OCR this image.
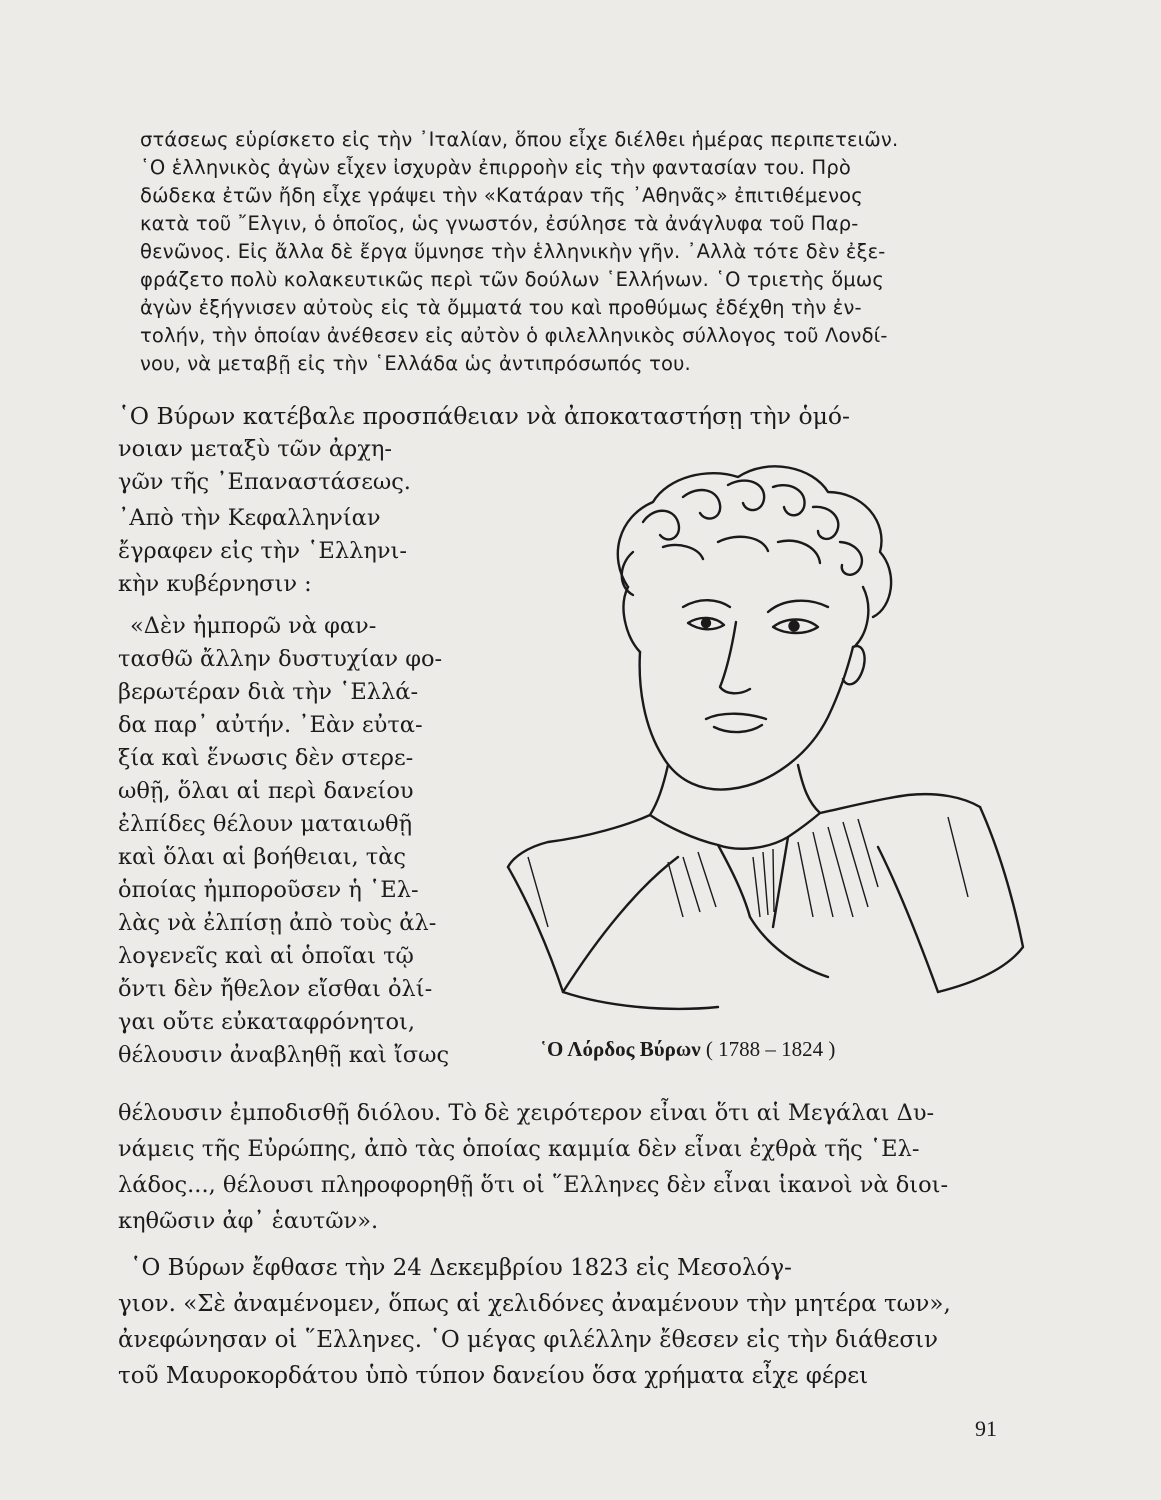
στάσεως εὑρίσκετο εἰς τὴν ᾽Ιταλίαν, ὅπου εἶχε διέλθει ἡμέρας περιπετειῶν.
῾Ο ἑλληνικὸς ἀγὼν εἶχεν ἰσχυρὰν ἐπιρροὴν εἰς τὴν φαντασίαν του. Πρὸ
δώδεκα ἐτῶν ἤδη εἶχε γράψει τὴν «Κατάραν τῆς ᾽Αθηνᾶς» ἐπιτιθέμενος
κατὰ τοῦ ῎Ελγιν, ὁ ὁποῖος, ὡς γνωστόν, ἐσύλησε τὰ ἀνάγλυφα τοῦ Παρ-
θενῶνος. Εἰς ἄλλα δὲ ἔργα ὕμνησε τὴν ἑλληνικὴν γῆν. ᾽Αλλὰ τότε δὲν ἐξε-
φράζετο πολὺ κολακευτικῶς περὶ τῶν δούλων ῾Ελλήνων. ῾Ο τριετὴς ὅμως
ἀγὼν ἐξήγνισεν αὐτοὺς εἰς τὰ ὄμματά του καὶ προθύμως ἐδέχθη τὴν ἐν-
τολήν, τὴν ὁποίαν ἀνέθεσεν εἰς αὐτὸν ὁ φιλελληνικὸς σύλλογος τοῦ Λονδί-
νου, νὰ μεταβῇ εἰς τὴν ῾Ελλάδα ὡς ἀντιπρόσωπός του.
῾Ο Βύρων κατέβαλε προσπάθειαν νὰ ἀποκαταστήσῃ τὴν ὁμό-
νοιαν μεταξὺ τῶν ἀρχη-
γῶν τῆς ᾽Επαναστάσεως.
᾽Απὸ τὴν Κεφαλληνίαν
ἔγραφεν εἰς τὴν ῾Ελληνι-
κὴν κυβέρνησιν :
«Δὲν ἠμπορῶ νὰ φαν-
τασθῶ ἄλλην δυστυχίαν φο-
βερωτέραν διὰ τὴν ῾Ελλά-
δα παρ᾽ αὐτήν. ᾽Εὰν εὐτα-
ξία καὶ ἕνωσις δὲν στερε-
ωθῇ, ὅλαι αἱ περὶ δανείου
ἐλπίδες θέλουν ματαιωθῇ
καὶ ὅλαι αἱ βοήθειαι, τὰς
ὁποίας ἠμποροῦσεν ἡ ῾Ελ-
λὰς νὰ ἐλπίσῃ ἀπὸ τοὺς ἀλ-
λογενεῖς καὶ αἱ ὁποῖαι τῷ
ὄντι δὲν ἤθελον εἴσθαι ὀλί-
γαι οὔτε εὐκαταφρόνητοι,
θέλουσιν ἀναβληθῇ καὶ ἴσως	῾Ο Λόρδος Βύρων ( 1788 – 1824 )
θέλουσιν ἐμποδισθῇ διόλου. Τὸ δὲ χειρότερον εἶναι ὅτι αἱ Μεγάλαι Δυ-
νάμεις τῆς Εὐρώπης, ἀπὸ τὰς ὁποίας καμμία δὲν εἶναι ἐχθρὰ τῆς ῾Ελ-
λάδος..., θέλουσι πληροφορηθῇ ὅτι οἱ ῞Ελληνες δὲν εἶναι ἱκανοὶ νὰ διοι-
κηθῶσιν ἀφ᾽ ἑαυτῶν».
῾Ο Βύρων ἔφθασε τὴν 24 Δεκεμβρίου 1823 εἰς Μεσολόγ-
γιον. «Σὲ ἀναμένομεν, ὅπως αἱ χελιδόνες ἀναμένουν τὴν μητέρα των»,
ἀνεφώνησαν οἱ ῞Ελληνες. ῾Ο μέγας φιλέλλην ἔθεσεν εἰς τὴν διάθεσιν
τοῦ Μαυροκορδάτου ὑπὸ τύπον δανείου ὅσα χρήματα εἶχε φέρει
91
